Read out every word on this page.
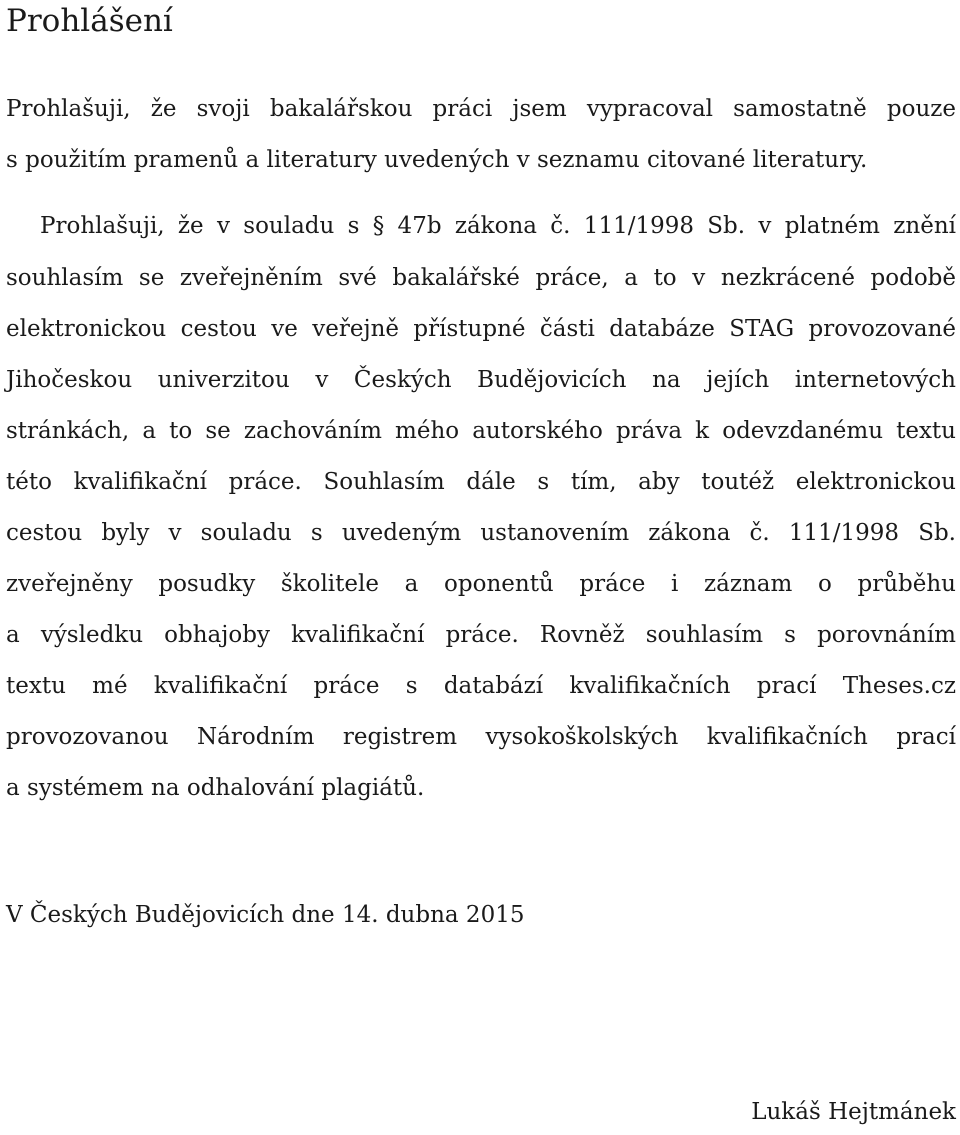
Prohlášení
Prohlašuji, že svoji bakalářskou práci jsem vypracoval samostatně pouze
s použitím pramenů a literatury uvedených v seznamu citované literatury.
Prohlašuji, že v souladu s § 47b zákona č. 111/1998 Sb. v platném znění
souhlasím se zveřejněním své bakalářské práce, a to v nezkrácené podobě
elektronickou cestou ve veřejně přístupné části databáze STAG provozované
Jihočeskou univerzitou v Českých Budějovicích na jejích internetových
stránkách, a to se zachováním mého autorského práva k odevzdanému textu
této kvalifikační práce. Souhlasím dále s tím, aby toutéž elektronickou
cestou byly v souladu s uvedeným ustanovením zákona č. 111/1998 Sb.
zveřejněny posudky školitele a oponentů práce i záznam o průběhu
a výsledku obhajoby kvalifikační práce. Rovněž souhlasím s porovnáním
textu mé kvalifikační práce s databází kvalifikačních prací Theses.cz
provozovanou Národním registrem vysokoškolských kvalifikačních prací
a systémem na odhalování plagiátů.
V Českých Budějovicích dne 14. dubna 2015
Lukáš Hejtmánek
